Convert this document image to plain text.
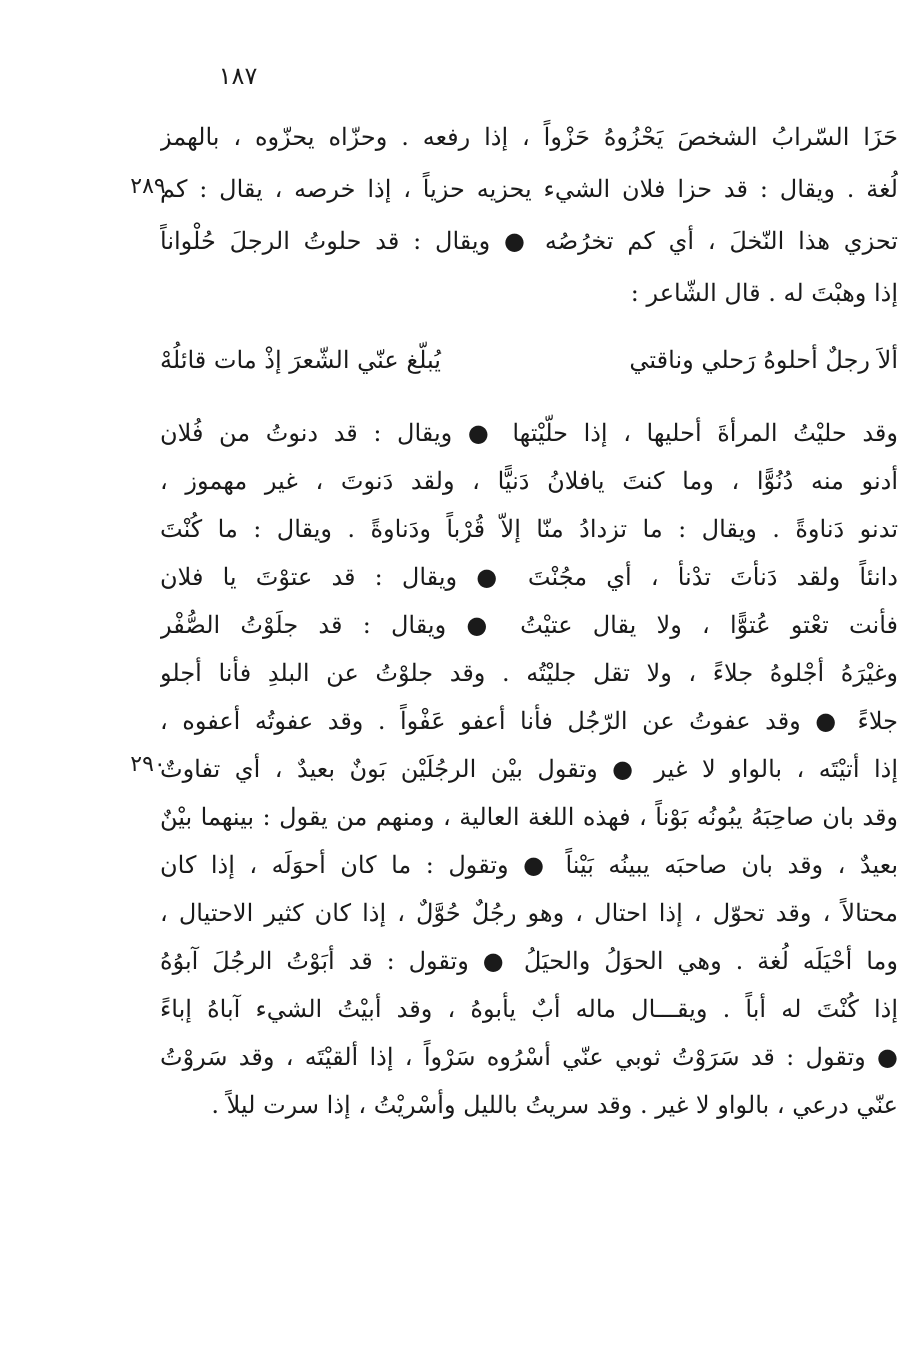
١٨٧
٢٨٩
٢٩٠
حَزَا السّرابُ الشخصَ يَحْزُوهُ حَزْواً ، إذا رفعه . وحزّاه يحزّوه ، بالهمز
لُغة . ويقال : قد حزا فلان الشيء يحزيه حزياً ، إذا خرصه ، يقال : كم
تحزي هذا النّخلَ ، أي كم تخرُصُه ● ويقال : قد حلوتُ الرجلَ حُلْواناً
إذا وهبْتَ له . قال الشّاعر :
ألاَ رجلٌ أحلوهُ رَحلي وناقتي
يُبلّغ عنّي الشّعرَ إذْ مات قائلُهْ
وقد حليْتُ المرأةَ أحليها ، إذا حلّيْتها ● ويقال : قد دنوتُ من فُلان
أدنو منه دُنُوًّا ، وما كنتَ يافلانُ دَنيًّا ، ولقد دَنوتَ ، غير مهموز ،
تدنو دَناوةً . ويقال : ما تزدادُ منّا إلاّ قُرْباً ودَناوةً . ويقال : ما كُنْتَ
دانئاً ولقد دَنأتَ تدْنأ ، أي مجُنْتَ ● ويقال : قد عتوْتَ يا فلان
فأنت تعْتو عُتوًّا ، ولا يقال عتيْتُ ● ويقال : قد جلَوْتُ الصُّفْر
وغيْرَهُ أجْلوهُ جلاءً ، ولا تقل جليْتُه . وقد جلوْتُ عن البلدِ فأنا أجلو
جلاءً ● وقد عفوتُ عن الرّجُل فأنا أعفو عَفْواً . وقد عفوتُه أعفوه ،
إذا أتيْتَه ، بالواو لا غير ● وتقول بيْن الرجُلَيْن بَونٌ بعيدٌ ، أي تفاوتٌ
وقد بان صاحِبَهُ يبُونُه بَوْناً ، فهذه اللغة العالية ، ومنهم من يقول : بينهما بيْنٌ
بعيدٌ ، وقد بان صاحبَه يبينُه بَيْناً ● وتقول : ما كان أحوَلَه ، إذا كان
محتالاً ، وقد تحوّل ، إذا احتال ، وهو رجُلٌ حُوَّلٌ ، إذا كان كثير الاحتيال ،
وما أحْيَلَه لُغة . وهي الحوَلُ والحيَلُ ● وتقول : قد أبَوْتُ الرجُلَ آبوُهُ
إذا كُنْتَ له أباً . ويقـــال ماله أبٌ يأبوهُ ، وقد أبيْتُ الشيء آباهُ إباءً
● وتقول : قد سَرَوْتُ ثوبي عنّي أسْرُوه سَرْواً ، إذا ألقيْتَه ، وقد سَروْتُ
عنّي درعي ، بالواو لا غير . وقد سريتُ بالليل وأسْريْتُ ، إذا سرت ليلاً .
